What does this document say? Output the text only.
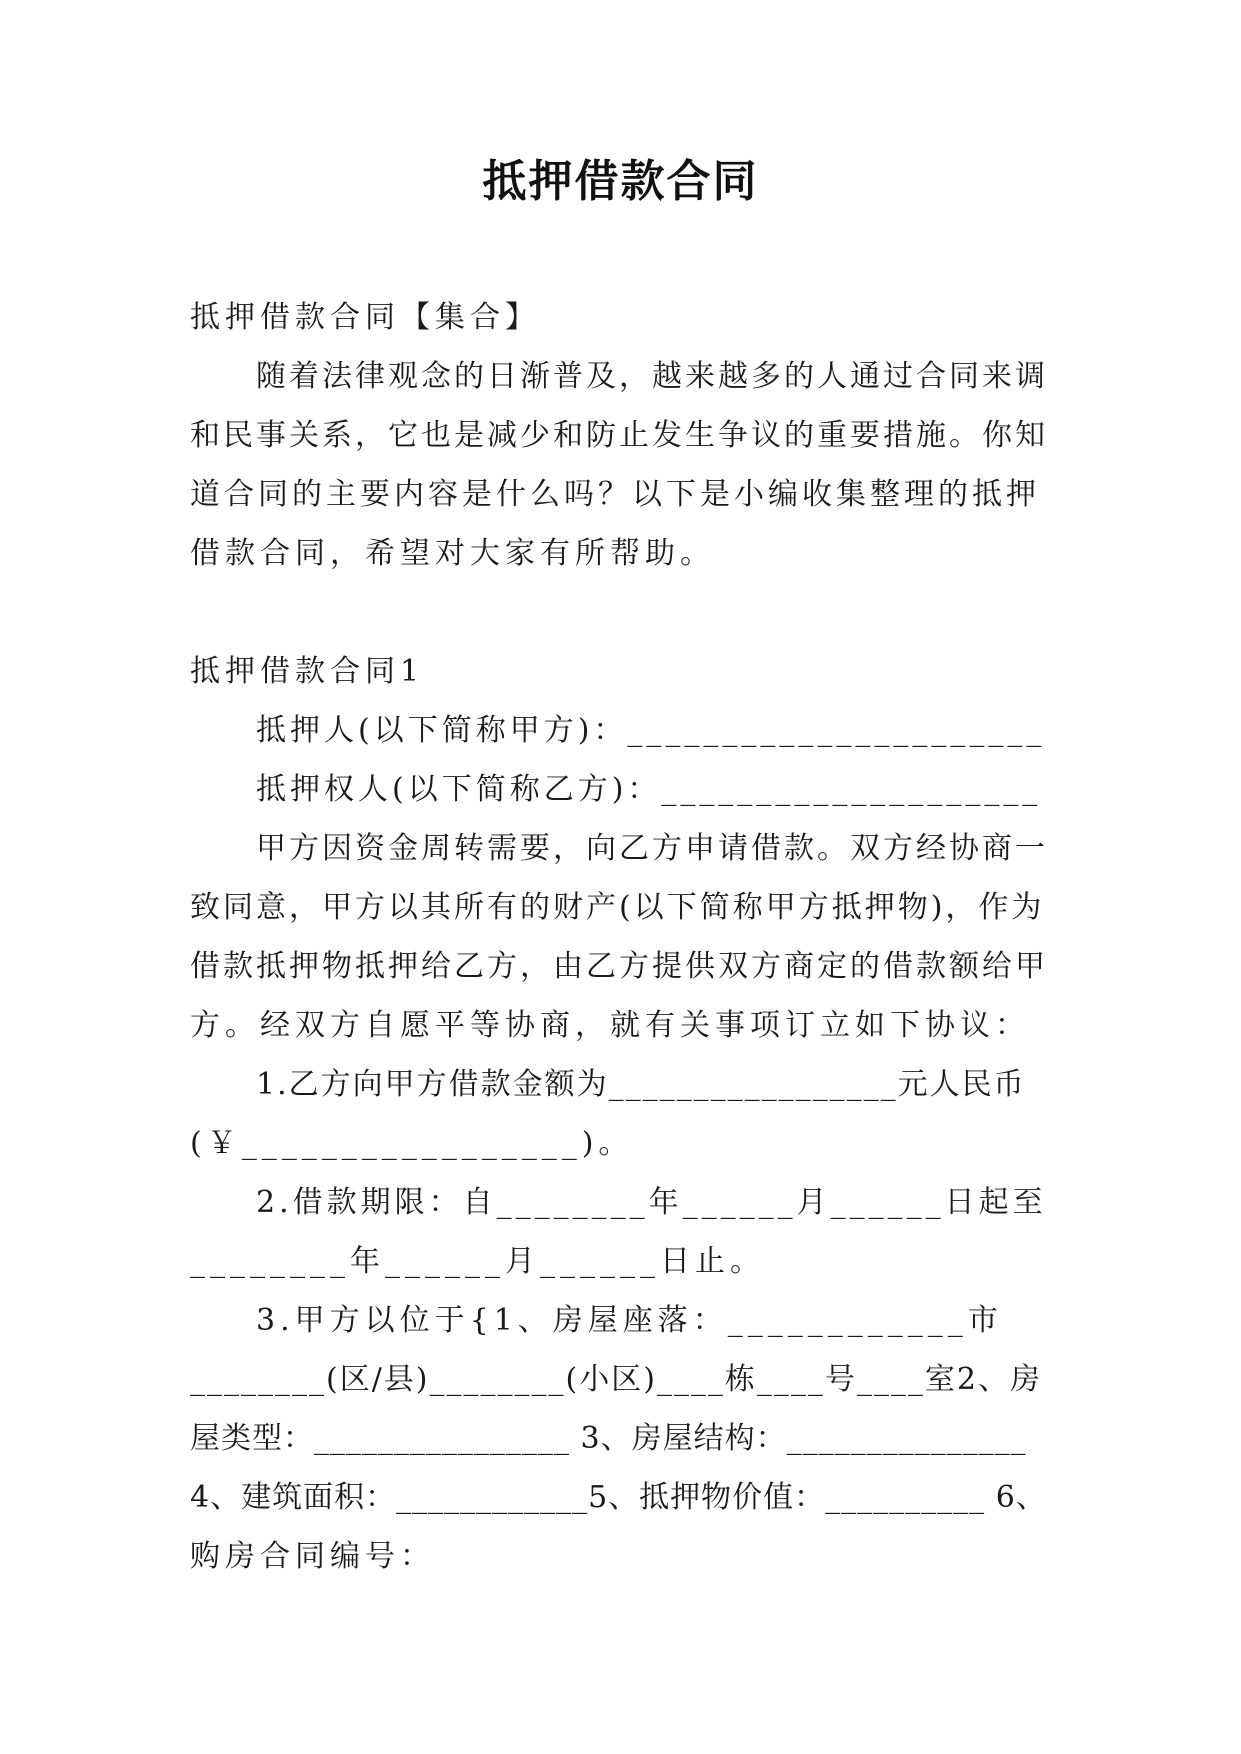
抵押借款合同
抵押借款合同【集合】
随着法律观念的日渐普及，越来越多的人通过合同来调
和民事关系，它也是减少和防止发生争议的重要措施。你知
道合同的主要内容是什么吗？以下是小编收集整理的抵押
借款合同，希望对大家有所帮助。
抵押借款合同1
抵押人(以下简称甲方)：______________________
抵押权人(以下简称乙方)：____________________
甲方因资金周转需要，向乙方申请借款。双方经协商一
致同意，甲方以其所有的财产(以下简称甲方抵押物)，作为
借款抵押物抵押给乙方，由乙方提供双方商定的借款额给甲
方。经双方自愿平等协商，就有关事项订立如下协议：
1.乙方向甲方借款金额为_________________元人民币
(￥_________________)。
2.借款期限：自________年______月______日起至
________年______月______日止。
3.甲方以位于{1、房屋座落：____________市
________(区/县)________(小区)____栋____号____室2、房
屋类型：________________ 3、房屋结构：_______________
4、建筑面积：____________5、抵押物价值：__________ 6、
购房合同编号：
